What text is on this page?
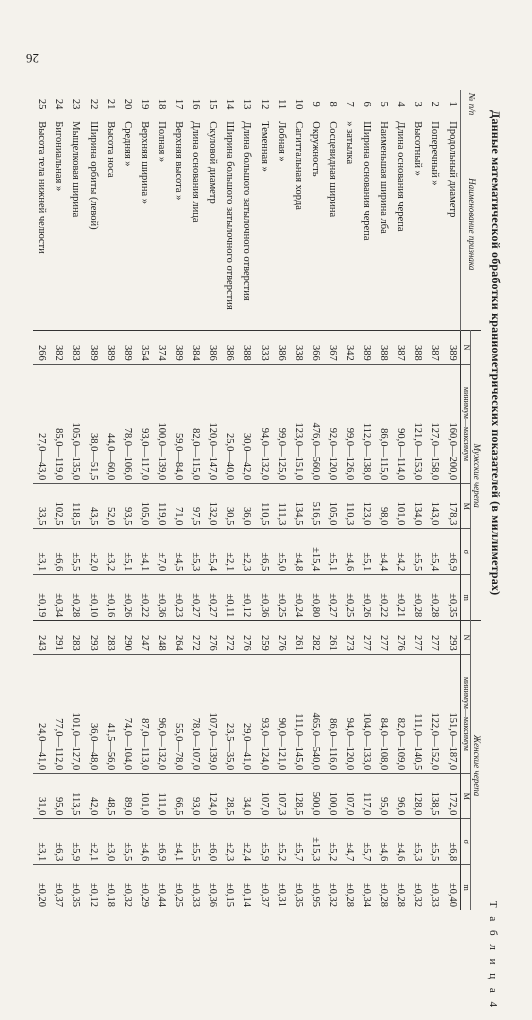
26
Данные математической обработки краниометрических показателей (в миллиметрах)
Т а б л и ц а 4
№ п/п	Наименование признака	Мужские черепа					Женские черепа				
		N	минимум—максимум	M	σ	m	N	минимум—максимум	M	σ	m
1	Продольный диаметр	389	160,0—200,0	178,3	±6,9	±0,35	293	151,0—187,0	172,0	±6,8	±0,40
2	Поперечный »	387	127,0—158,0	143,0	±5,4	±0,28	277	122,0—152,0	138,5	±5,5	±0,33
3	Высотный »	388	121,0—153,0	134,0	±5,5	±0,28	277	111,0—140,5	128,0	±5,3	±0,32
4	Длина основания черепа	387	90,0—114,0	101,0	±4,2	±0,21	276	82,0—109,0	96,0	±4,6	±0,28
5	Наименьшая ширина лба	388	86,0—115,0	98,0	±4,4	±0,22	277	84,0—108,0	95,0	±4,6	±0,28
6	Ширина основания черепа	389	112,0—138,0	123,0	±5,1	±0,26	277	104,0—133,0	117,0	±5,7	±0,34
7	» затылка	342	99,0—126,0	110,3	±4,6	±0,25	273	94,0—120,0	107,0	±4,7	±0,28
8	Сосцевидная ширина	367	92,0—120,0	105,0	±5,1	±0,27	261	86,0—116,0	100,0	±5,2	±0,32
9	Окружность	366	476,0—560,0	516,5	±15,4	±0,80	282	465,0—540,0	500,0	±15,3	±0,95
10	Сагиттальная хорда	338	123,0—151,0	134,5	±4,8	±0,24	261	111,0—145,0	128,5	±5,7	±0,35
11	Лобная »	386	99,0—125,0	111,3	±5,0	±0,25	276	90,0—121,0	107,3	±5,2	±0,31
12	Теменная »	333	94,0—132,0	110,5	±6,5	±0,36	259	93,0—124,0	107,0	±5,9	±0,37
13	Длина большого затылочного отверстия	388	30,0—42,0	36,0	±2,3	±0,12	276	29,0—41,0	34,0	±2,4	±0,14
14	Ширина большого затылочного отверстия	386	25,0—40,0	30,5	±2,1	±0,11	272	23,5—35,0	28,5	±2,3	±0,15
15	Скуловой диаметр	386	120,0—147,0	132,0	±5,4	±0,27	276	107,0—139,0	124,0	±6,0	±0,36
16	Длина основания лица	384	82,0—115,0	97,5	±5,3	±0,27	272	78,0—107,0	93,0	±5,5	±0,33
17	Верхняя высота »	389	59,0—84,0	71,0	±4,5	±0,23	264	55,0—78,0	66,5	±4,1	±0,25
18	Полная »	374	100,0—139,0	119,0	±7,0	±0,36	248	96,0—132,0	111,0	±6,9	±0,44
19	Верхняя ширина »	354	93,0—117,0	105,0	±4,1	±0,22	247	87,0—113,0	101,0	±4,6	±0,29
20	Средняя »	389	78,0—106,0	93,5	±5,1	±0,26	290	74,0—104,0	89,0	±5,5	±0,32
21	Высота носа	389	44,0—60,0	52,0	±3,2	±0,16	283	41,5—56,0	48,5	±3,0	±0,18
22	Ширина орбиты (левой)	389	38,0—51,5	43,5	±2,0	±0,10	293	36,0—48,0	42,0	±2,1	±0,12
23	Мыщелковая ширина	383	105,0—135,0	118,5	±5,5	±0,28	283	101,0—127,0	113,5	±5,9	±0,35
24	Бигониальная »	382	85,0—119,0	102,5	±6,6	±0,34	291	77,0—112,0	95,0	±6,3	±0,37
25	Высота тела нижней челюсти	266	27,0—43,0	33,5	±3,1	±0,19	243	24,0—41,0	31,0	±3,1	±0,20
